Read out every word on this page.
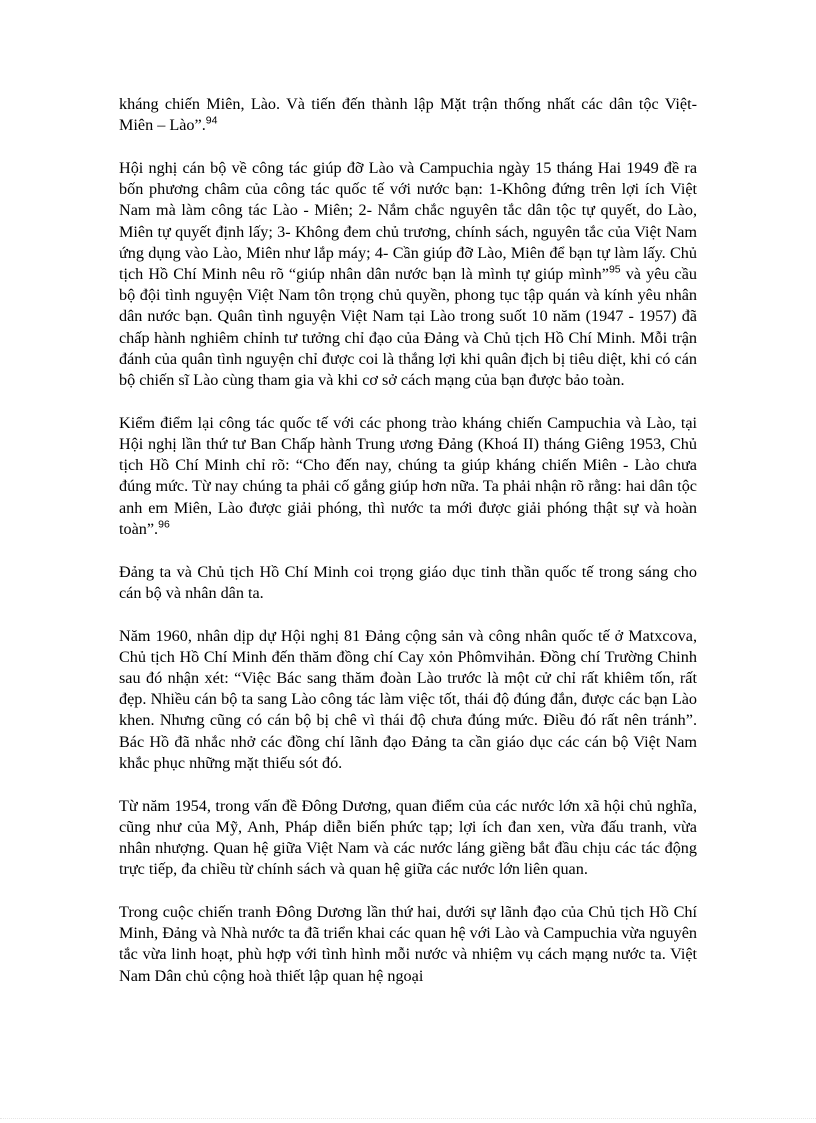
kháng chiến Miên, Lào. Và tiến đến thành lập Mặt trận thống nhất các dân tộc Việt- Miên – Lào”.$^{94}$

Hội nghị cán bộ về công tác giúp đỡ Lào và Campuchia ngày 15 tháng Hai 1949 đề ra bốn phương châm của công tác quốc tế với nước bạn: 1-Không đứng trên lợi ích Việt Nam mà làm công tác Lào - Miên; 2- Nắm chắc nguyên tắc dân tộc tự quyết, do Lào, Miên tự quyết định lấy; 3- Không đem chủ trương, chính sách, nguyên tắc của Việt Nam ứng dụng vào Lào, Miên như lắp máy; 4- Cần giúp đỡ Lào, Miên để bạn tự làm lấy. Chủ tịch Hồ Chí Minh nêu rõ “giúp nhân dân nước bạn là mình tự giúp mình”$^{95}$ và yêu cầu bộ đội tình nguyện Việt Nam tôn trọng chủ quyền, phong tục tập quán và kính yêu nhân dân nước bạn. Quân tình nguyện Việt Nam tại Lào trong suốt 10 năm (1947 - 1957) đã chấp hành nghiêm chỉnh tư tưởng chỉ đạo của Đảng và Chủ tịch Hồ Chí Minh. Mỗi trận đánh của quân tình nguyện chỉ được coi là thắng lợi khi quân địch bị tiêu diệt, khi có cán bộ chiến sĩ Lào cùng tham gia và khi cơ sở cách mạng của bạn được bảo toàn.

Kiểm điểm lại công tác quốc tế với các phong trào kháng chiến Campuchia và Lào, tại Hội nghị lần thứ tư Ban Chấp hành Trung ương Đảng (Khoá II) tháng Giêng 1953, Chủ tịch Hồ Chí Minh chỉ rõ: “Cho đến nay, chúng ta giúp kháng chiến Miên - Lào chưa đúng mức. Từ nay chúng ta phải cố gắng giúp hơn nữa. Ta phải nhận rõ rằng: hai dân tộc anh em Miên, Lào được giải phóng, thì nước ta mới được giải phóng thật sự và hoàn toàn”.$^{96}$

Đảng ta và Chủ tịch Hồ Chí Minh coi trọng giáo dục tinh thần quốc tế trong sáng cho cán bộ và nhân dân ta.

Năm 1960, nhân dịp dự Hội nghị 81 Đảng cộng sản và công nhân quốc tế ở Matxcova, Chủ tịch Hồ Chí Minh đến thăm đồng chí Cay xỏn Phômvihản. Đồng chí Trường Chinh sau đó nhận xét: “Việc Bác sang thăm đoàn Lào trước là một cử chỉ rất khiêm tốn, rất đẹp. Nhiều cán bộ ta sang Lào công tác làm việc tốt, thái độ đúng đắn, được các bạn Lào khen. Nhưng cũng có cán bộ bị chê vì thái độ chưa đúng mức. Điều đó rất nên tránh”. Bác Hồ đã nhắc nhở các đồng chí lãnh đạo Đảng ta cần giáo dục các cán bộ Việt Nam khắc phục những mặt thiếu sót đó.

Từ năm 1954, trong vấn đề Đông Dương, quan điểm của các nước lớn xã hội chủ nghĩa, cũng như của Mỹ, Anh, Pháp diễn biến phức tạp; lợi ích đan xen, vừa đấu tranh, vừa nhân nhượng. Quan hệ giữa Việt Nam và các nước láng giềng bắt đầu chịu các tác động trực tiếp, đa chiều từ chính sách và quan hệ giữa các nước lớn liên quan.

Trong cuộc chiến tranh Đông Dương lần thứ hai, dưới sự lãnh đạo của Chủ tịch Hồ Chí Minh, Đảng và Nhà nước ta đã triển khai các quan hệ với Lào và Campuchia vừa nguyên tắc vừa linh hoạt, phù hợp với tình hình mỗi nước và nhiệm vụ cách mạng nước ta. Việt Nam Dân chủ cộng hoà thiết lập quan hệ ngoại
